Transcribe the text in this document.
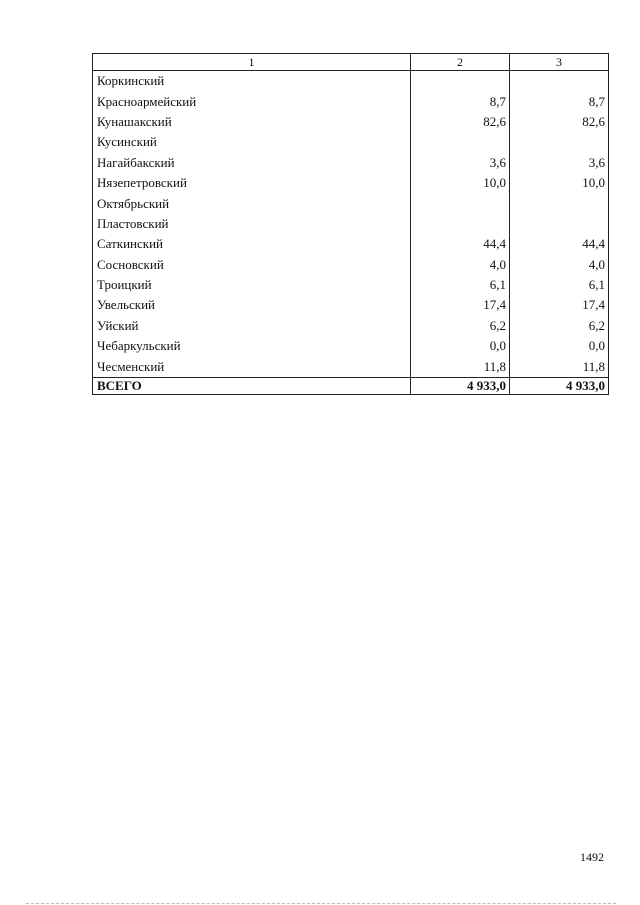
1	2	3
Коркинский		
Красноармейский	8,7	8,7
Кунашакский	82,6	82,6
Кусинский		
Нагайбакский	3,6	3,6
Нязепетровский	10,0	10,0
Октябрьский		
Пластовский		
Саткинский	44,4	44,4
Сосновский	4,0	4,0
Троицкий	6,1	6,1
Увельский	17,4	17,4
Уйский	6,2	6,2
Чебаркульский	0,0	0,0
Чесменский	11,8	11,8
ВСЕГО	4 933,0	4 933,0
1492
